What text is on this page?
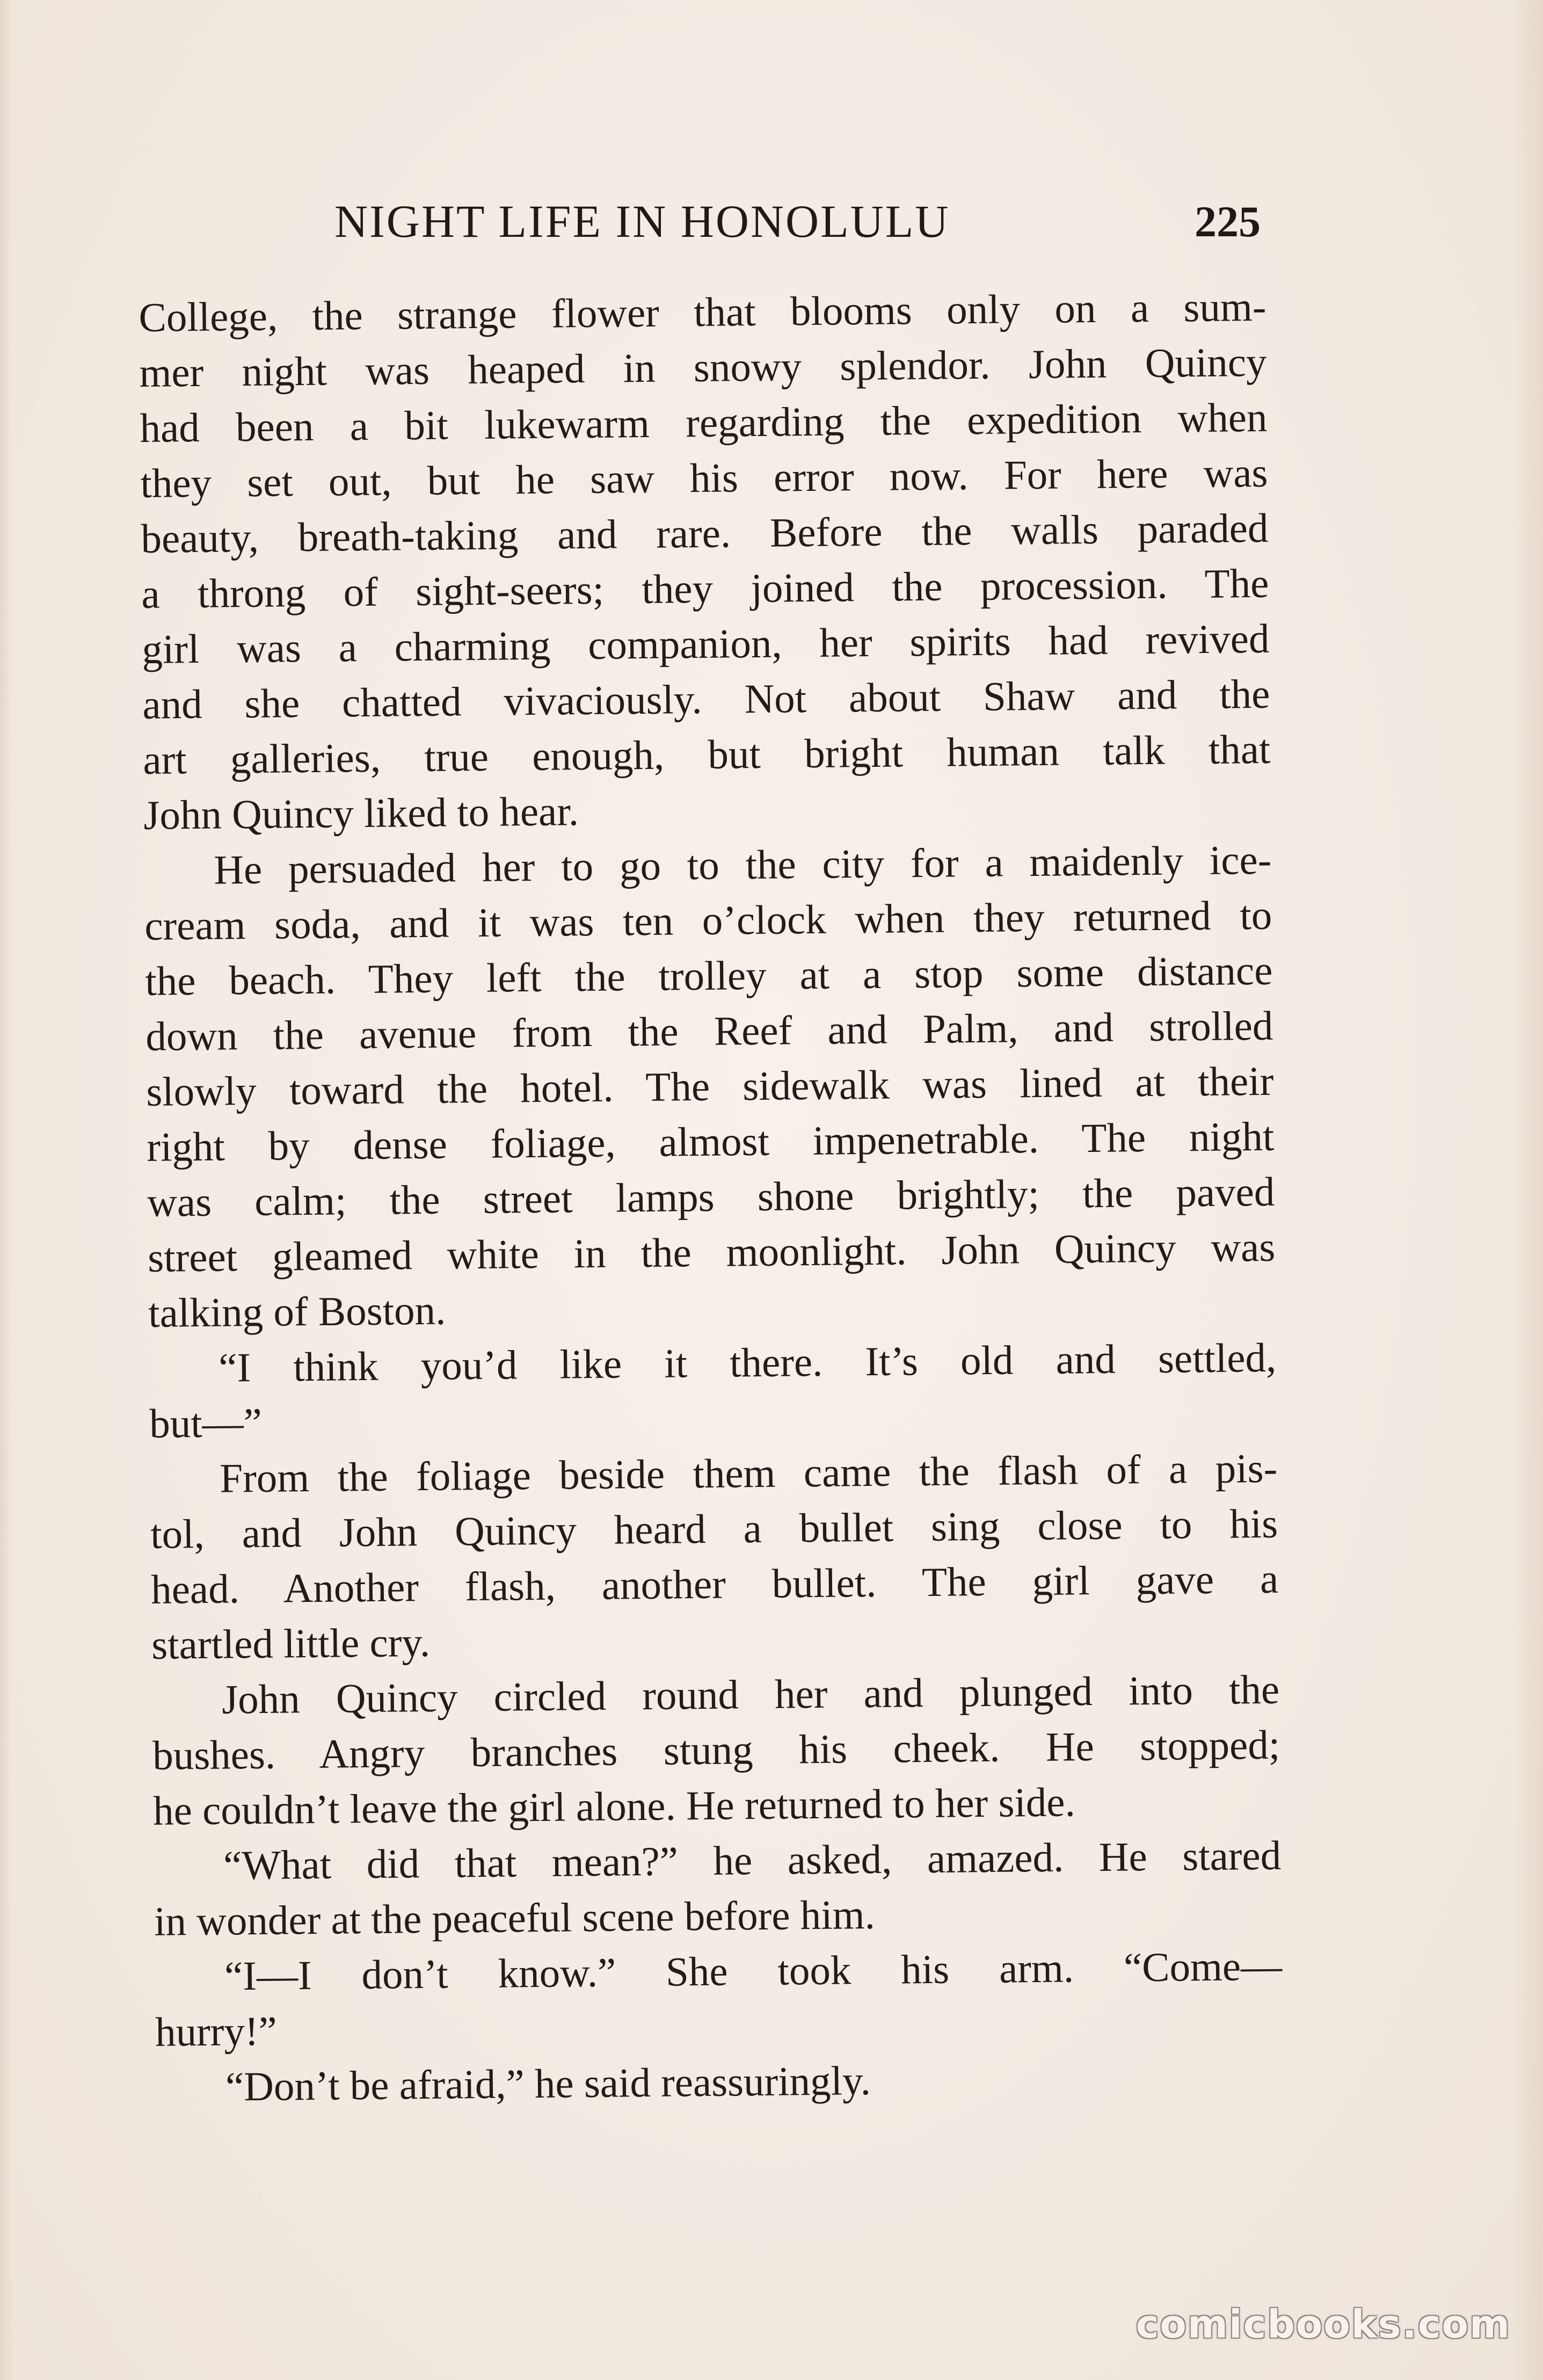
NIGHT LIFE IN HONOLULU	225
College, the strange flower that blooms only on a sum-
mer night was heaped in snowy splendor. John Quincy
had been a bit lukewarm regarding the expedition when
they set out, but he saw his error now. For here was
beauty, breath-taking and rare. Before the walls paraded
a throng of sight-seers; they joined the procession. The
girl was a charming companion, her spirits had revived
and she chatted vivaciously. Not about Shaw and the
art galleries, true enough, but bright human talk that
John Quincy liked to hear.
He persuaded her to go to the city for a maidenly ice-
cream soda, and it was ten o’clock when they returned to
the beach. They left the trolley at a stop some distance
down the avenue from the Reef and Palm, and strolled
slowly toward the hotel. The sidewalk was lined at their
right by dense foliage, almost impenetrable. The night
was calm; the street lamps shone brightly; the paved
street gleamed white in the moonlight. John Quincy was
talking of Boston.
“I think you’d like it there. It’s old and settled,
but—”
From the foliage beside them came the flash of a pis-
tol, and John Quincy heard a bullet sing close to his
head. Another flash, another bullet. The girl gave a
startled little cry.
John Quincy circled round her and plunged into the
bushes. Angry branches stung his cheek. He stopped;
he couldn’t leave the girl alone. He returned to her side.
“What did that mean?” he asked, amazed. He stared
in wonder at the peaceful scene before him.
“I—I don’t know.” She took his arm. “Come—
hurry!”
“Don’t be afraid,” he said reassuringly.
comicbooks.com
